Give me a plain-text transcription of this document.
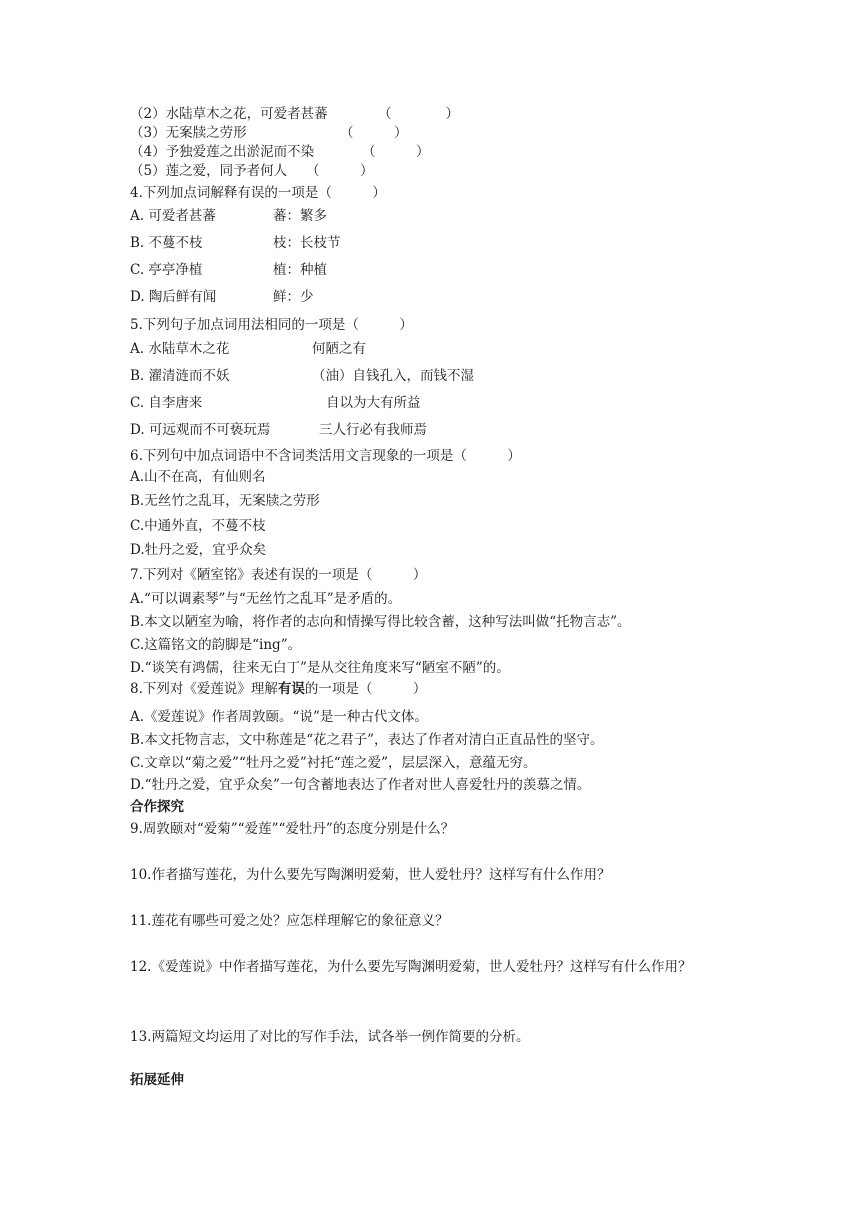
（2）水陆草木之花，可爱者甚蕃	（　　　　）
（3）无案牍之劳形	（　　　）
（4）予独爱莲之出淤泥而不染	（　　　）
（5）莲之爱，同予者何人 （　　　）
4.下列加点词解释有误的一项是（　　　）
A. 可爱者甚蕃	蕃：繁多
B. 不蔓不枝	枝：长枝节
C. 亭亭净植	植：种植
D. 陶后鲜有闻	鲜：少
5.下列句子加点词用法相同的一项是（　　　）
A. 水陆草木之花	何陋之有
B. 濯清涟而不妖	（油）自钱孔入，而钱不湿
C. 自李唐来	自以为大有所益
D. 可远观而不可亵玩焉	三人行必有我师焉
6.下列句中加点词语中不含词类活用文言现象的一项是（　　　）
A.山不在高，有仙则名
B.无丝竹之乱耳，无案牍之劳形
C.中通外直，不蔓不枝
D.牡丹之爱，宜乎众矣
7.下列对《陋室铭》表述有误的一项是（　　　）
A.“可以调素琴”与“无丝竹之乱耳”是矛盾的。
B.本文以陋室为喻，将作者的志向和情操写得比较含蓄，这种写法叫做“托物言志”。
C.这篇铭文的韵脚是“ing”。
D.“谈笑有鸿儒，往来无白丁”是从交往角度来写“陋室不陋”的。
8.下列对《爱莲说》理解有误的一项是（　　　）
A.《爱莲说》作者周敦颐。“说”是一种古代文体。
B.本文托物言志，文中称莲是“花之君子”，表达了作者对清白正直品性的坚守。
C.文章以“菊之爱”“牡丹之爱”衬托“莲之爱”，层层深入，意蕴无穷。
D.“牡丹之爱，宜乎众矣”一句含蓄地表达了作者对世人喜爱牡丹的羡慕之情。
合作探究
9.周敦颐对“爱菊”“爱莲”“爱牡丹”的态度分别是什么？
10.作者描写莲花，为什么要先写陶渊明爱菊，世人爱牡丹？这样写有什么作用？
11.莲花有哪些可爱之处？应怎样理解它的象征意义？
12.《爱莲说》中作者描写莲花，为什么要先写陶渊明爱菊，世人爱牡丹？这样写有什么作用？
13.两篇短文均运用了对比的写作手法，试各举一例作简要的分析。
拓展延伸
